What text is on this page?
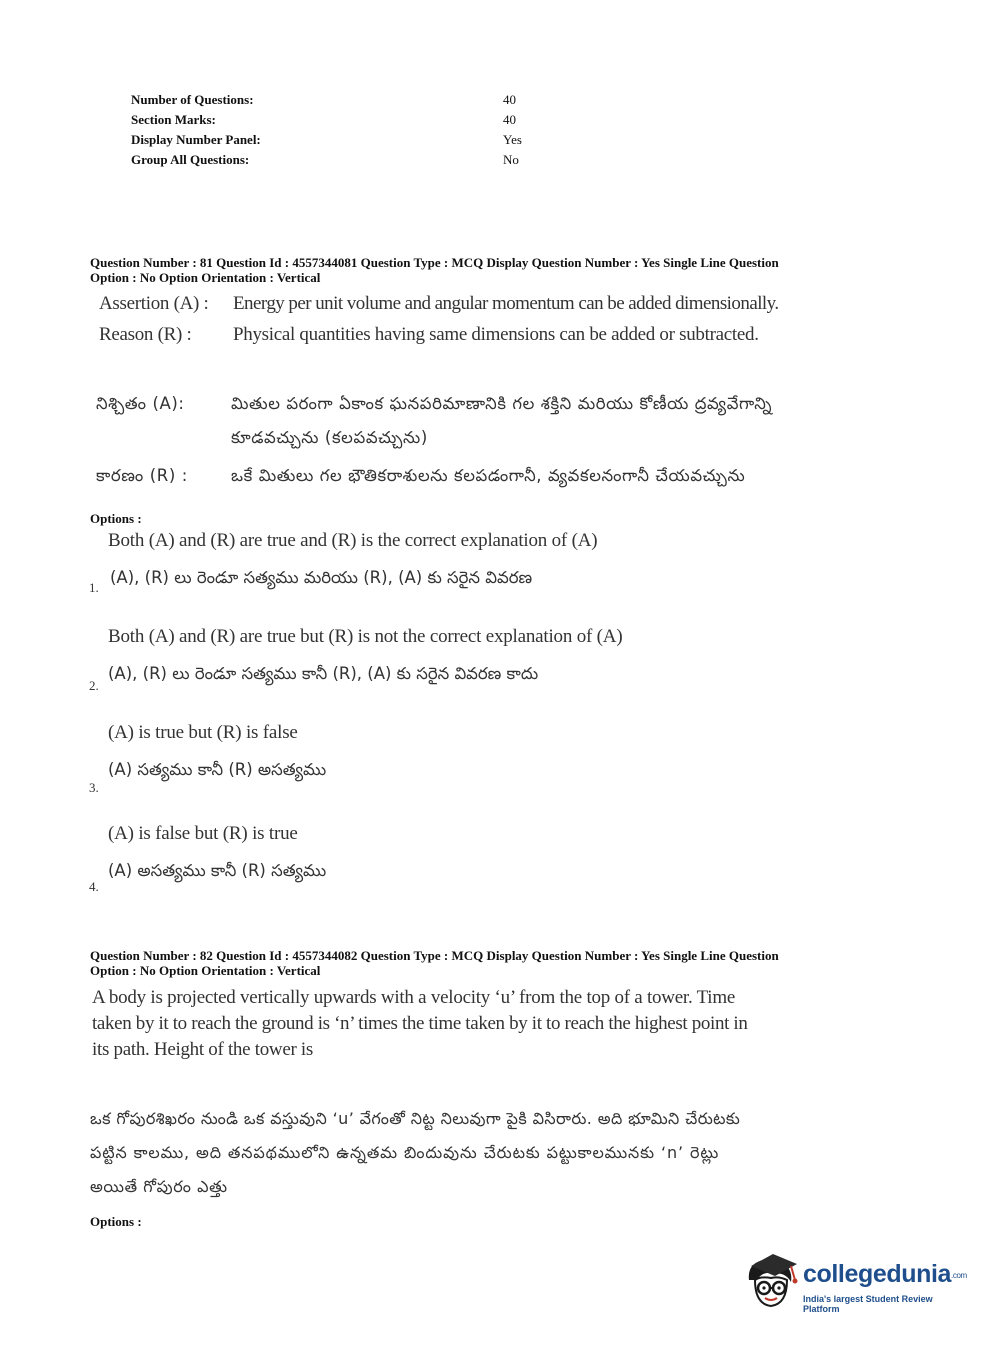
Number of Questions:	40
Section Marks:	40
Display Number Panel:	Yes
Group All Questions:	No
Question Number : 81 Question Id : 4557344081 Question Type : MCQ Display Question Number : Yes Single Line Question
Option : No Option Orientation : Vertical
Assertion (A) : Energy per unit volume and angular momentum can be added dimensionally.
Reason (R) : Physical quantities having same dimensions can be added or subtracted.
నిశ్చితం (A):	మితుల పరంగా ఏకాంక ఘనపరిమాణానికి గల శక్తిని మరియు కోణీయ ద్రవ్యవేగాన్ని
కూడవచ్చును (కలపవచ్చును)
కారణం (R) :	ఒకే మితులు గల భౌతికరాశులను కలపడంగానీ, వ్యవకలనంగానీ చేయవచ్చును
Options :
Both (A) and (R) are true and (R) is the correct explanation of (A)
(A), (R) లు రెండూ సత్యము మరియు (R), (A) కు సరైన వివరణ
1.
Both (A) and (R) are true but (R) is not the correct explanation of (A)
(A), (R) లు రెండూ సత్యము కానీ (R), (A) కు సరైన వివరణ కాదు
2.
(A) is true but (R) is false
(A) సత్యము కానీ (R) అసత్యము
3.
(A) is false but (R) is true
(A) అసత్యము కానీ (R) సత్యము
4.
Question Number : 82 Question Id : 4557344082 Question Type : MCQ Display Question Number : Yes Single Line Question
Option : No Option Orientation : Vertical
A body is projected vertically upwards with a velocity ‘u’ from the top of a tower. Time
taken by it to reach the ground is ‘n’ times the time taken by it to reach the highest point in
its path. Height of the tower is
ఒక గోపురశిఖరం నుండి ఒక వస్తువుని ‘u’ వేగంతో నిట్ట నిలువుగా పైకి విసిరారు. అది భూమిని చేరుటకు
పట్టిన కాలము, అది తనపథములోని ఉన్నతమ బిందువును చేరుటకు పట్టుకాలమునకు ‘n’ రెట్లు
అయితే గోపురం ఎత్తు
Options :
collegedunia.com
India's largest Student Review Platform
